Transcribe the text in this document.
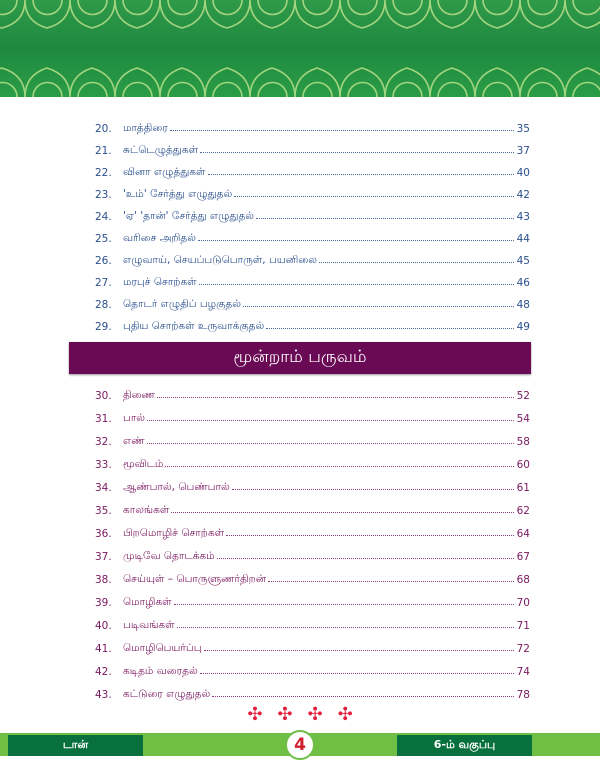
20.	மாத்திரை	35
21.	சுட்டெழுத்துகள்	37
22.	வினா எழுத்துகள்	40
23.	'உம்' சேர்த்து எழுதுதல்	42
24.	'ஏ' 'தான்' சேர்த்து எழுதுதல்	43
25.	வரிசை அறிதல்	44
26.	எழுவாய், செயப்படுபொருள், பயனிலை	45
27.	மரபுச் சொற்கள்	46
28.	தொடர் எழுதிப் பழகுதல்	48
29.	புதிய சொற்கள் உருவாக்குதல்	49
மூன்றாம் பருவம்
30.	திணை	52
31.	பால்	54
32.	எண்	58
33.	மூவிடம்	60
34.	ஆண்பால், பெண்பால்	61
35.	காலங்கள்	62
36.	பிறமொழிச் சொற்கள்	64
37.	முடிவே தொடக்கம்	67
38.	செய்யுள் – பொருளுணர்திறன்	68
39.	மொழிகள்	70
40.	படிவங்கள்	71
41.	மொழிபெயர்ப்பு	72
42.	கடிதம் வரைதல்	74
43.	கட்டுரை எழுதுதல்	78
✣ ✣ ✣ ✣
டான்	6-ம் வகுப்பு
4
